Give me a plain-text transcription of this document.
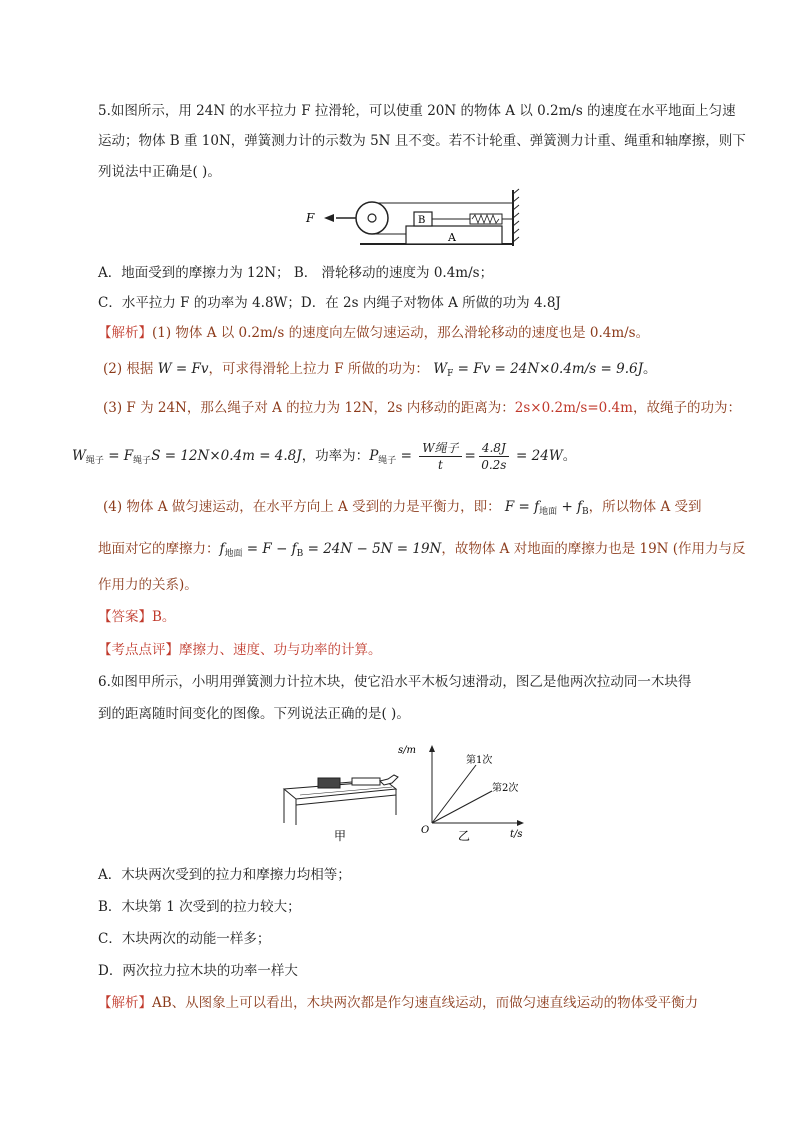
5.如图所示，用 24N 的水平拉力 F 拉滑轮，可以使重 20N 的物体 A 以 0.2m/s 的速度在水平地面上匀速
运动；物体 B 重 10N，弹簧测力计的示数为 5N 且不变。若不计轮重、弹簧测力计重、绳重和轴摩擦，则下
列说法中正确是( )。
A
B
F
A．地面受到的摩擦力为 12N； B． 滑轮移动的速度为 0.4m/s；
C．水平拉力 F 的功率为 4.8W；D．在 2s 内绳子对物体 A 所做的功为 4.8J
【解析】(1) 物体 A 以 0.2m/s 的速度向左做匀速运动，那么滑轮移动的速度也是 0.4m/s。
(2) 根据 W = Fv，可求得滑轮上拉力 F 所做的功为： $W_F = Fv = 24N\times 0.4m/s = 9.6J$。
(3) F 为 24N，那么绳子对 A 的拉力为 12N，2s 内移动的距离为：2s×0.2m/s=0.4m，故绳子的功为：
$W_{绳子} = F_{绳子}S = 12N\times 0.4m = 4.8J$，功率为：$P_{绳子} = \frac{\text{W绳子}}{t} = \frac{4.8J}{0.2s} = 24W$。
(4) 物体 A 做匀速运动，在水平方向上 A 受到的力是平衡力，即： $F = f_{地面} + f_B$，所以物体 A 受到
地面对它的摩擦力：$f_{地面} = F - f_B = 24N - 5N = 19N$，故物体 A 对地面的摩擦力也是 19N (作用力与反
作用力的关系)。
【答案】B。
【考点点评】摩擦力、速度、功与功率的计算。
6.如图甲所示，小明用弹簧测力计拉木块，使它沿水平木板匀速滑动，图乙是他两次拉动同一木块得
到的距离随时间变化的图像。下列说法正确的是( )。
甲
s/m
t/s
O
第1次
第2次
乙
A．木块两次受到的拉力和摩擦力均相等；
B．木块第 1 次受到的拉力较大；
C．木块两次的动能一样多；
D．两次拉力拉木块的功率一样大
【解析】AB、从图象上可以看出，木块两次都是作匀速直线运动，而做匀速直线运动的物体受平衡力
